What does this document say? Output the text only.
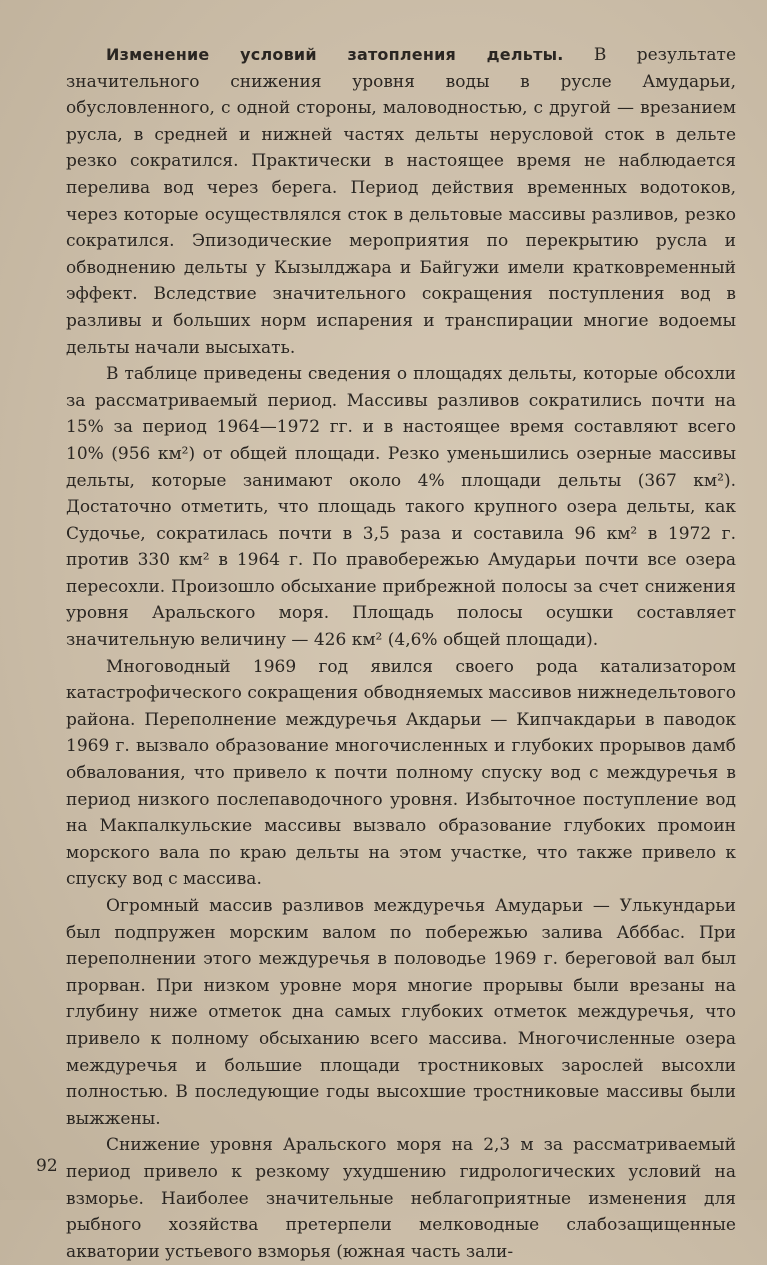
Изменение условий затопления дельты. В результате значительного снижения уровня воды в русле Амударьи, обусловленного, с одной стороны, маловодностью, с другой — врезанием русла, в средней и нижней частях дельты нерусловой сток в дельте резко сократился. Практически в настоящее время не наблюдается перелива вод через берега. Период действия временных водотоков, через которые осуществлялся сток в дельтовые массивы разливов, резко сократился. Эпизодические мероприятия по перекрытию русла и обводнению дельты у Кызылджара и Байгужи имели кратковременный эффект. Вследствие значительного сокращения поступления вод в разливы и больших норм испарения и транспирации многие водоемы дельты начали высыхать.

В таблице приведены сведения о площадях дельты, которые обсохли за рассматриваемый период. Массивы разливов сократились почти на 15% за период 1964—1972 гг. и в настоящее время составляют всего 10% (956 км²) от общей площади. Резко уменьшились озерные массивы дельты, которые занимают около 4% площади дельты (367 км²). Достаточно отметить, что площадь такого крупного озера дельты, как Судочье, сократилась почти в 3,5 раза и составила 96 км² в 1972 г. против 330 км² в 1964 г. По правобережью Амударьи почти все озера пересохли. Произошло обсыхание прибрежной полосы за счет снижения уровня Аральского моря. Площадь полосы осушки составляет значительную величину — 426 км² (4,6% общей площади).

Многоводный 1969 год явился своего рода катализатором катастрофического сокращения обводняемых массивов нижнедельтового района. Переполнение междуречья Акдарьи — Кипчакдарьи в паводок 1969 г. вызвало образование многочисленных и глубоких прорывов дамб обвалования, что привело к почти полному спуску вод с междуречья в период низкого послепаводочного уровня. Избыточное поступление вод на Макпалкульские массивы вызвало образование глубоких промоин морского вала по краю дельты на этом участке, что также привело к спуску вод с массива.

Огромный массив разливов междуречья Амударьи — Улькундарьи был подпружен морским валом по побережью залива Абббас. При переполнении этого междуречья в половодье 1969 г. береговой вал был прорван. При низком уровне моря многие прорывы были врезаны на глубину ниже отметок дна самых глубоких отметок междуречья, что привело к полному обсыханию всего массива. Многочисленные озера междуречья и большие площади тростниковых зарослей высохли полностью. В последующие годы высохшие тростниковые массивы были выжжены.

Снижение уровня Аральского моря на 2,3 м за рассматриваемый период привело к резкому ухудшению гидрологических условий на взморье. Наиболее значительные неблагоприятные изменения для рыбного хозяйства претерпели мелководные слабозащищенные акватории устьевого взморья (южная часть зали-

92
